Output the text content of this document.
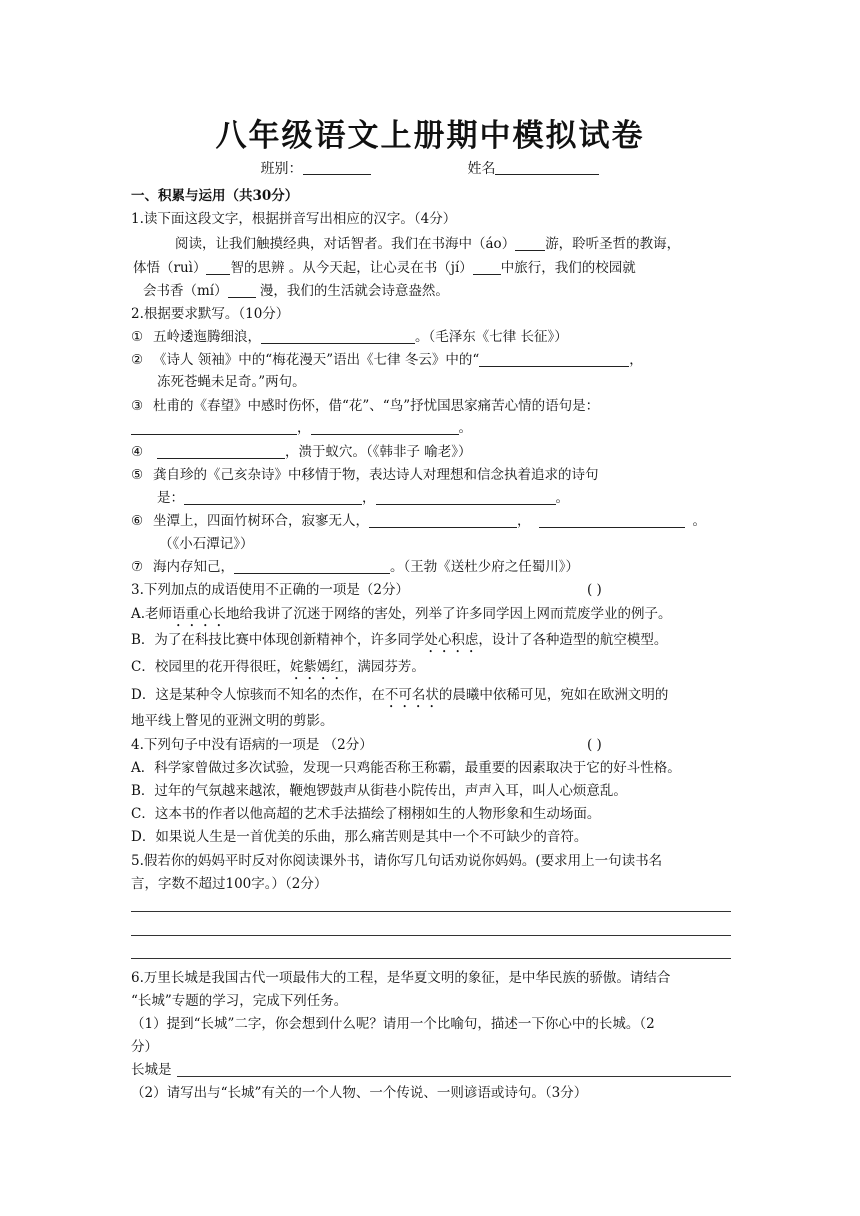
八年级语文上册期中模拟试卷
班别：	姓名
一、积累与运用（共30分）
1.读下面这段文字，根据拼音写出相应的汉字。（4分）
阅读，让我们触摸经典，对话智者。我们在书海中（áo） 游，聆听圣哲的教诲，
体悟（ruì） 智的思辨 。从今天起，让心灵在书（jí） 中旅行，我们的校园就
会书香（mí） 漫，我们的生活就会诗意盎然。
2.根据要求默写。（10分）
① 五岭逶迤腾细浪，	。（毛泽东《七律 长征》）
② 《诗人 领袖》中的“梅花漫天”语出《七律 冬云》中的“	，
冻死苍蝇未足奇。”两句。
③ 杜甫的《春望》中感时伤怀，借“花”、“鸟”抒忧国思家痛苦心情的语句是：
，	。
④	，溃于蚁穴。（《韩非子 喻老》）
⑤ 龚自珍的《己亥杂诗》中移情于物，表达诗人对理想和信念执着追求的诗句
是：	，	。
⑥ 坐潭上，四面竹树环合，寂寥无人，	，	。
（《小石潭记》）
⑦ 海内存知己，	。（王勃《送杜少府之任蜀川》）
3.下列加点的成语使用不正确的一项是（2分）	( )
A.老师语重心长地给我讲了沉迷于网络的害处，列举了许多同学因上网而荒废学业的例子。
B．为了在科技比赛中体现创新精神个，许多同学处心积虑，设计了各种造型的航空模型。
C．校园里的花开得很旺，姹紫嫣红，满园芬芳。
D．这是某种令人惊骇而不知名的杰作，在不可名状的晨曦中依稀可见，宛如在欧洲文明的
地平线上瞥见的亚洲文明的剪影。
4.下列句子中没有语病的一项是 （2分）	( )
A．科学家曾做过多次试验，发现一只鸡能否称王称霸，最重要的因素取决于它的好斗性格。
B．过年的气氛越来越浓，鞭炮锣鼓声从街巷小院传出，声声入耳，叫人心烦意乱。
C．这本书的作者以他高超的艺术手法描绘了栩栩如生的人物形象和生动场面。
D．如果说人生是一首优美的乐曲，那么痛苦则是其中一个不可缺少的音符。
5.假若你的妈妈平时反对你阅读课外书，请你写几句话劝说你妈妈。(要求用上一句读书名
言，字数不超过100字。）（2分）
6.万里长城是我国古代一项最伟大的工程，是华夏文明的象征，是中华民族的骄傲。请结合
“长城”专题的学习，完成下列任务。
（1）提到“长城”二字，你会想到什么呢？请用一个比喻句，描述一下你心中的长城。（2
分）
长城是
（2）请写出与“长城”有关的一个人物、一个传说、一则谚语或诗句。（3分）
